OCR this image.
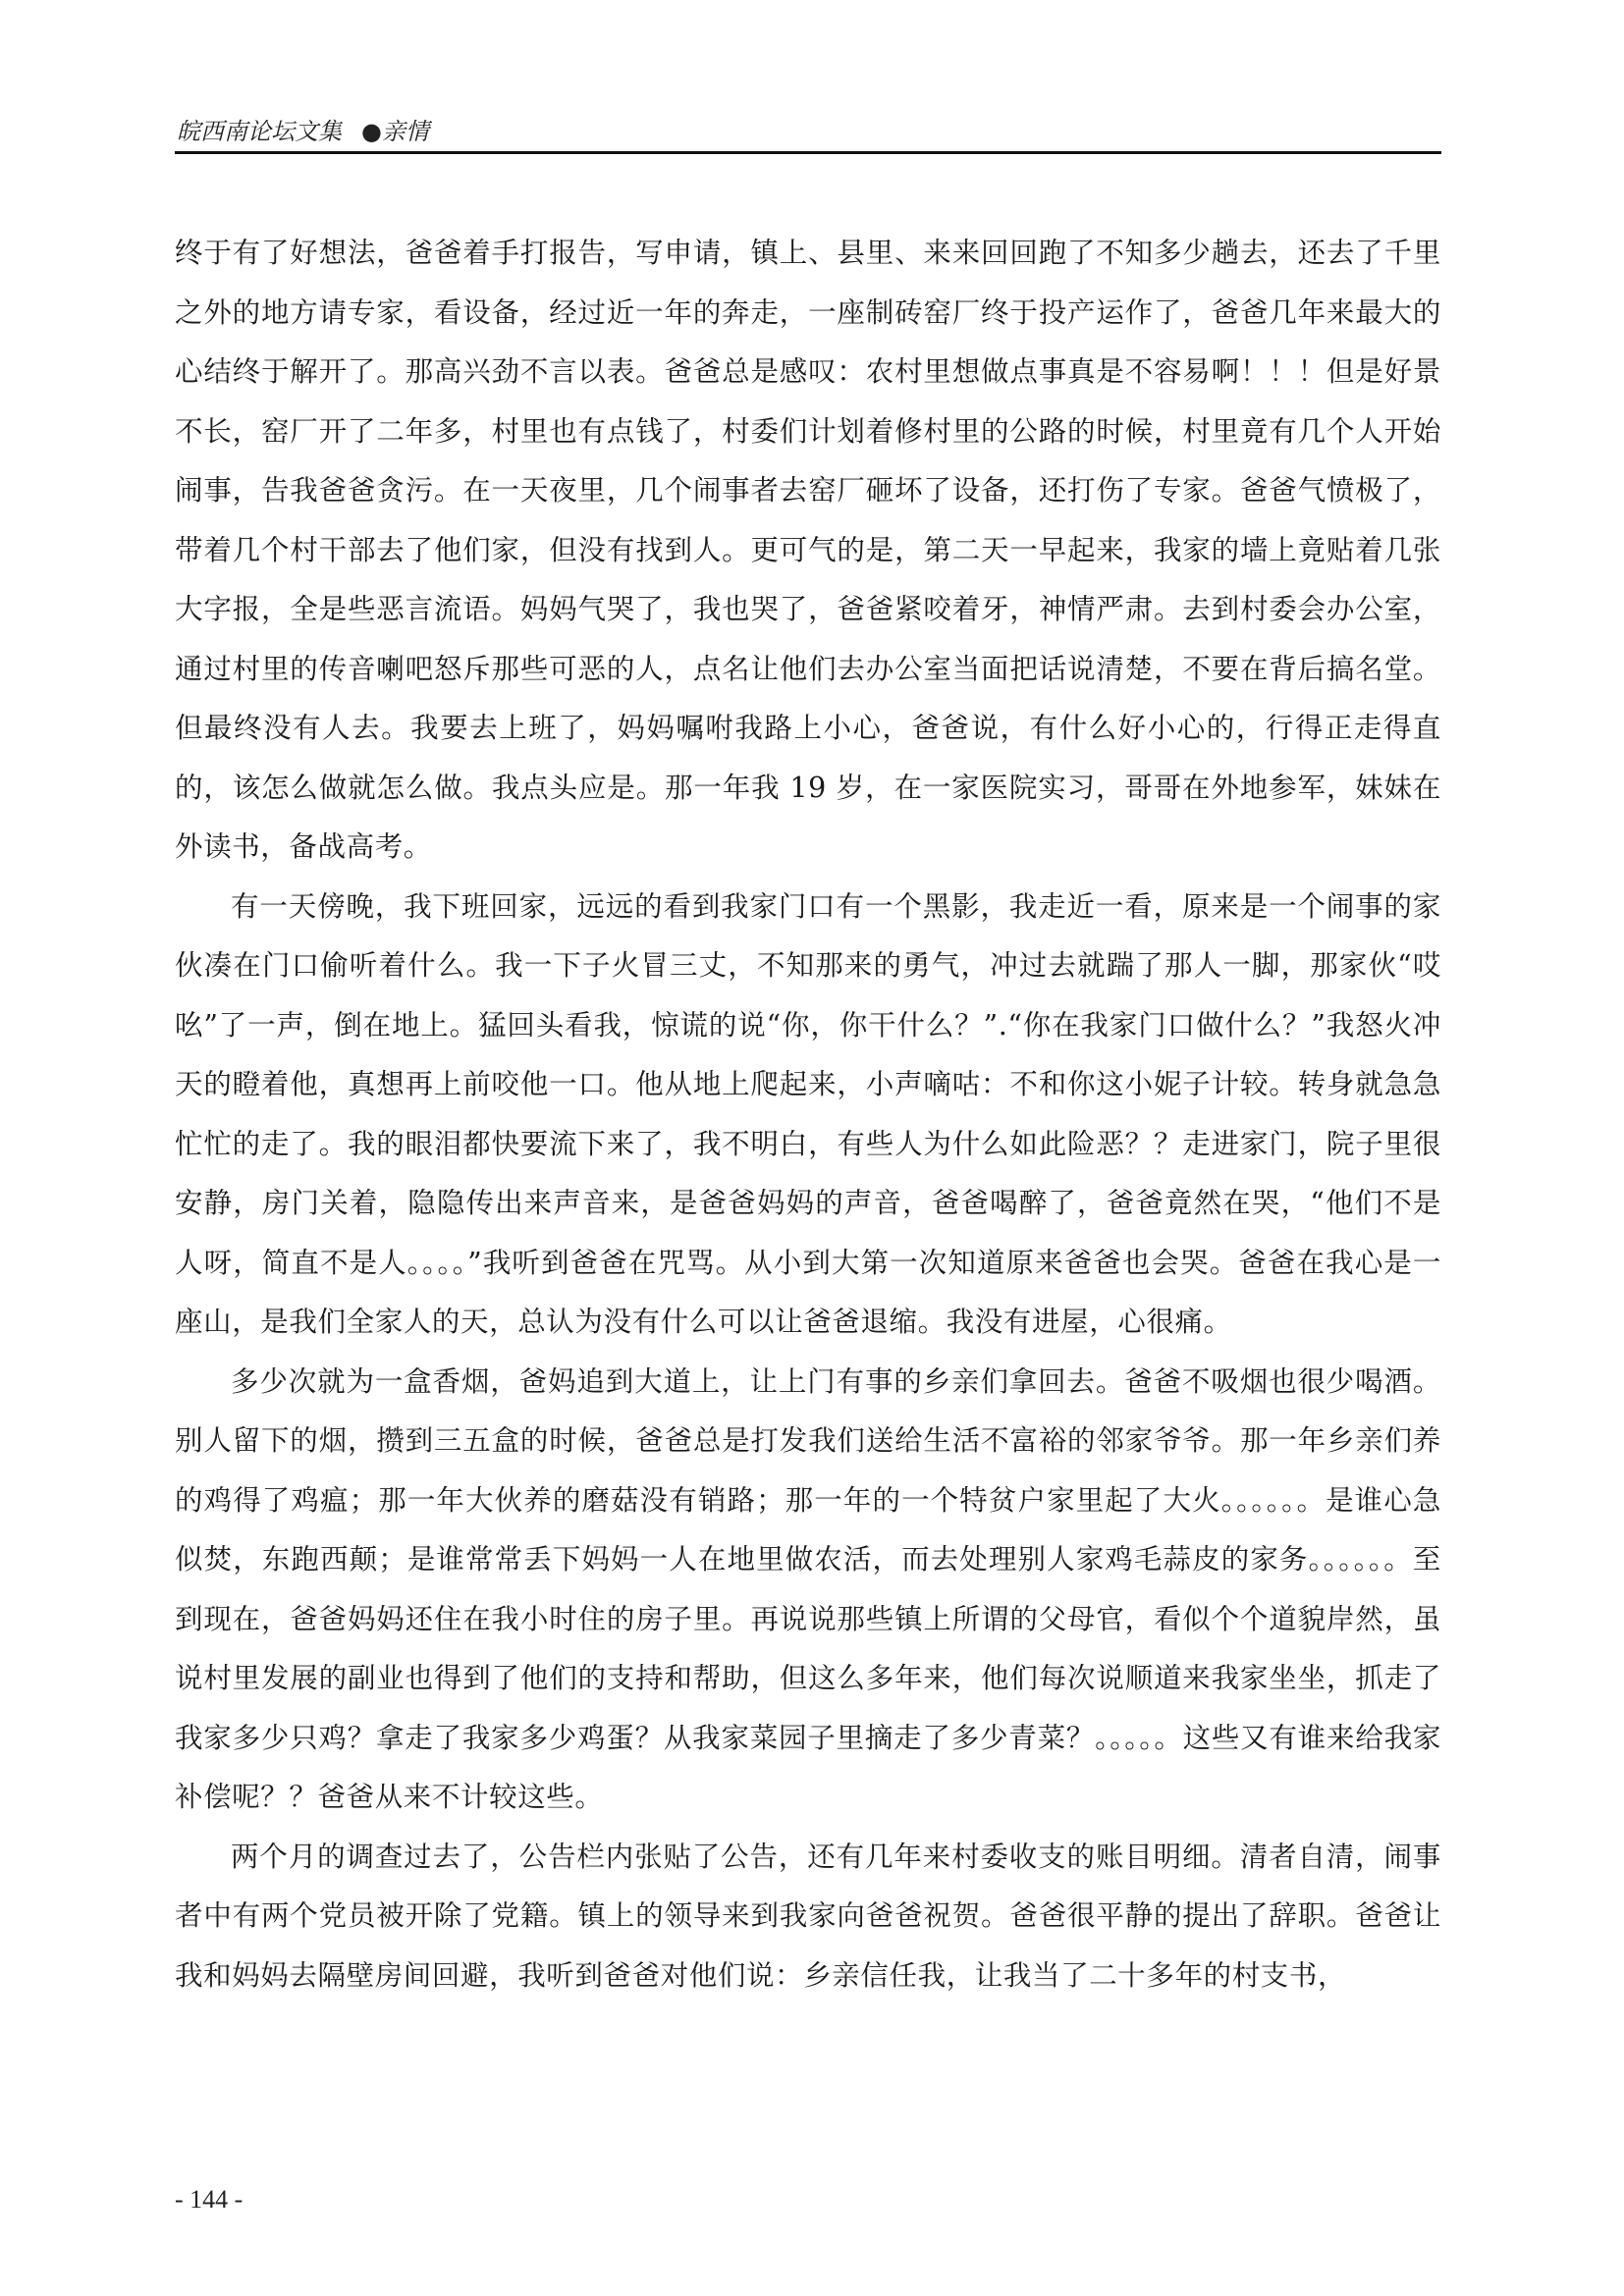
皖西南论坛文集 ●亲情

终于有了好想法，爸爸着手打报告，写申请，镇上、县里、来来回回跑了不知多少趟去，还去了千里之外的地方请专家，看设备，经过近一年的奔走，一座制砖窑厂终于投产运作了，爸爸几年来最大的心结终于解开了。那高兴劲不言以表。爸爸总是感叹：农村里想做点事真是不容易啊！！！但是好景不长，窑厂开了二年多，村里也有点钱了，村委们计划着修村里的公路的时候，村里竟有几个人开始闹事，告我爸爸贪污。在一天夜里，几个闹事者去窑厂砸坏了设备，还打伤了专家。爸爸气愤极了，带着几个村干部去了他们家，但没有找到人。更可气的是，第二天一早起来，我家的墙上竟贴着几张大字报，全是些恶言流语。妈妈气哭了，我也哭了，爸爸紧咬着牙，神情严肃。去到村委会办公室，通过村里的传音喇吧怒斥那些可恶的人，点名让他们去办公室当面把话说清楚，不要在背后搞名堂。但最终没有人去。我要去上班了，妈妈嘱咐我路上小心，爸爸说，有什么好小心的，行得正走得直的，该怎么做就怎么做。我点头应是。那一年我 19 岁，在一家医院实习，哥哥在外地参军，妹妹在外读书，备战高考。

有一天傍晚，我下班回家，远远的看到我家门口有一个黑影，我走近一看，原来是一个闹事的家伙凑在门口偷听着什么。我一下子火冒三丈，不知那来的勇气，冲过去就踹了那人一脚，那家伙“哎吆”了一声，倒在地上。猛回头看我，惊谎的说“你，你干什么？”.“你在我家门口做什么？”我怒火冲天的瞪着他，真想再上前咬他一口。他从地上爬起来，小声嘀咕：不和你这小妮子计较。转身就急急忙忙的走了。我的眼泪都快要流下来了，我不明白，有些人为什么如此险恶？？走进家门，院子里很安静，房门关着，隐隐传出来声音来，是爸爸妈妈的声音，爸爸喝醉了，爸爸竟然在哭，“他们不是人呀，简直不是人。。。。”我听到爸爸在咒骂。从小到大第一次知道原来爸爸也会哭。爸爸在我心是一座山，是我们全家人的天，总认为没有什么可以让爸爸退缩。我没有进屋，心很痛。

多少次就为一盒香烟，爸妈追到大道上，让上门有事的乡亲们拿回去。爸爸不吸烟也很少喝酒。别人留下的烟，攒到三五盒的时候，爸爸总是打发我们送给生活不富裕的邻家爷爷。那一年乡亲们养的鸡得了鸡瘟；那一年大伙养的磨菇没有销路；那一年的一个特贫户家里起了大火。。。。。。是谁心急似焚，东跑西颠；是谁常常丢下妈妈一人在地里做农活，而去处理别人家鸡毛蒜皮的家务。。。。。。至到现在，爸爸妈妈还住在我小时住的房子里。再说说那些镇上所谓的父母官，看似个个道貌岸然，虽说村里发展的副业也得到了他们的支持和帮助，但这么多年来，他们每次说顺道来我家坐坐，抓走了我家多少只鸡？拿走了我家多少鸡蛋？从我家菜园子里摘走了多少青菜？。。。。。这些又有谁来给我家补偿呢？？爸爸从来不计较这些。

两个月的调查过去了，公告栏内张贴了公告，还有几年来村委收支的账目明细。清者自清，闹事者中有两个党员被开除了党籍。镇上的领导来到我家向爸爸祝贺。爸爸很平静的提出了辞职。爸爸让我和妈妈去隔壁房间回避，我听到爸爸对他们说：乡亲信任我，让我当了二十多年的村支书，

- 144 -
